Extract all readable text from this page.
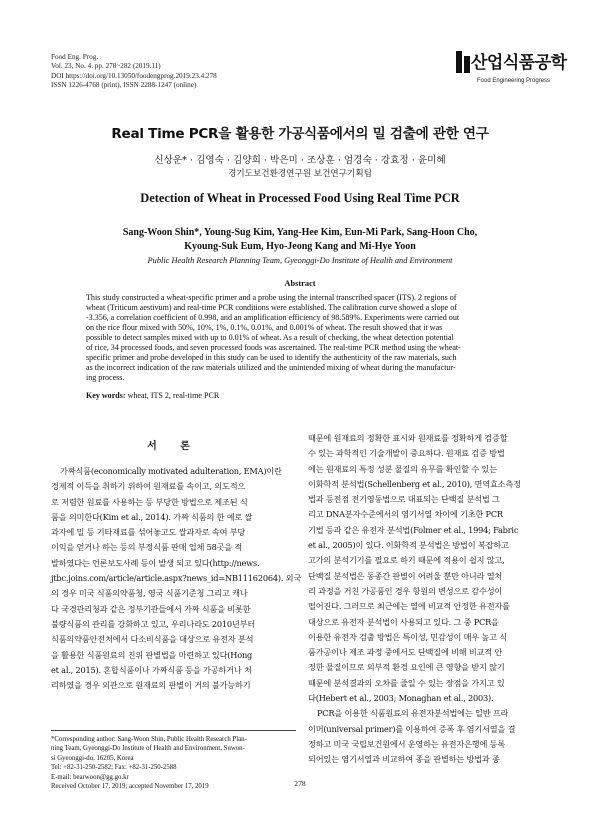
Food Eng. Prog.
Vol. 23, No. 4. pp. 278~282 (2019.11)
DOI https://doi.org/10.13050/foodengprog.2019.23.4.278
ISSN 1226-4768 (print), ISSN 2288-1247 (online)
산업식품공학
Food Engineering Progress
Real Time PCR을 활용한 가공식품에서의 밀 검출에 관한 연구
신상운* · 김영숙 · 김양희 · 박은미 · 조상훈 · 엄경숙 · 강효정 · 윤미혜
경기도보건환경연구원 보건연구기획팀
Detection of Wheat in Processed Food Using Real Time PCR
Sang-Woon Shin*, Young-Sug Kim, Yang-Hee Kim, Eun-Mi Park, Sang-Hoon Cho,
Kyoung-Suk Eum, Hyo-Jeong Kang and Mi-Hye Yoon
Public Health Research Planning Team, Gyeonggi-Do Institute of Health and Environment
Abstract
This study constructed a wheat-specific primer and a probe using the internal transcribed spacer (ITS). 2 regions of
wheat (Triticum aestivum) and real-time PCR conditions were established. The calibration curve showed a slope of
-3.356, a correlation coefficient of 0.998, and an amplification efficiency of 98.589%. Experiments were carried out
on the rice flour mixed with 50%, 10%, 1%, 0.1%, 0.01%, and 0.001% of wheat. The result showed that it was
possible to detect samples mixed with up to 0.01% of wheat. As a result of checking, the wheat detection potential
of rice, 34 processed foods, and seven processed foods was ascertained. The real-time PCR method using the wheat-
specific primer and probe developed in this study can be used to identify the authenticity of the raw materials, such
as the incorrect indication of the raw materials utilized and the unintended mixing of wheat during the manufactur-
ing process.
Key words: wheat, ITS 2, real-time PCR
서 론
가짜식품(economically motivated adulteration, EMA)이란
경제적 이득을 취하기 위하여 원재료를 속이고, 의도적으
로 저렴한 원료를 사용하는 등 부당한 방법으로 제조된 식
품을 의미한다(Kim et al., 2014). 가짜 식품의 한 예로 쌀
과자에 밀 등 기타재료를 섞어놓고도 쌀과자로 속여 부당
이익을 얻거나 하는 등의 부정식품 판매 업체 58곳을 적
발하였다는 언론보도사례 등이 발생 되고 있다(http://news.
jtbc.joins.com/article/article.aspx?news_id=NB11162064). 외국
의 경우 미국 식품의약품청, 영국 식품기준청 그리고 캐나
다 국경관리청과 같은 정부기관들에서 가짜 식품을 비롯한
불량식품의 관리를 강화하고 있고, 우리나라도 2010년부터
식품의약품안전처에서 다소비식품을 대상으로 유전자 분석
을 활용한 식품원료의 진위 판별법을 마련하고 있다(Hong
et al., 2015). 혼합식품이나 가짜식품 등을 가공하거나 처
리하였을 경우 외관으로 원재료의 판별이 거의 불가능하기
때문에 원재료의 정확한 표시와 원재료를 정확하게 검증할
수 있는 과학적인 기술개발이 중요하다. 원재료 검증 방법
에는 원재료의 특정 성분 물질의 유무를 확인할 수 있는
이화학적 분석법(Schellenberg et al., 2010), 면역효소측정
법과 등전점 전기영동법으로 대표되는 단백질 분석법 그
리고 DNA분자수준에서의 염기서열 차이에 기초한 PCR
기법 등과 같은 유전자 분석법(Folmer et al., 1994; Fabric
et al., 2005)이 있다. 이화학적 분석법은 방법이 복잡하고
고가의 분석기기를 필요로 하기 때문에 적용이 쉽지 않고,
단백질 분석법은 동종간 판별이 어려울 뿐만 아니라 열처
리 과정을 거친 가공품인 경우 항원의 변성으로 감수성이
떨어진다. 그러므로 최근에는 열에 비교적 안정한 유전자를
대상으로 유전자 분석법이 사용되고 있다. 그 중 PCR을
이용한 유전자 검출 방법은 특이성, 민감성이 매우 높고 식
품가공이나 제조 과정 중에서도 단백질에 비해 비교적 안
정한 물질이므로 외부적 환경 요인에 큰 영향을 받지 않기
때문에 분석결과의 오차를 줄일 수 있는 장점을 가지고 있
다(Hebert et al., 2003; Monaghan et al., 2003).
PCR을 이용한 식품원료의 유전자분석법에는 일반 프라
이머(universal primer)를 이용하여 증폭 후 염기서열을 결
정하고 미국 국립보건원에서 운영하는 유전자은행에 등록
되어있는 염기서열과 비교하여 종을 판별하는 방법과 종
*Corresponding author: Sang-Woon Shin, Public Health Research Plan-
ning Team, Gyeonggi-Do Institute of Health and Environment, Suwon-
si Gyeonggi-do, 16205, Korea
Tel: +82-31-250-2582; Fax: +82-31-250-2588
E-mail: bearwoon@gg.go.kr
Received October 17, 2019; accepted November 17, 2019	278
